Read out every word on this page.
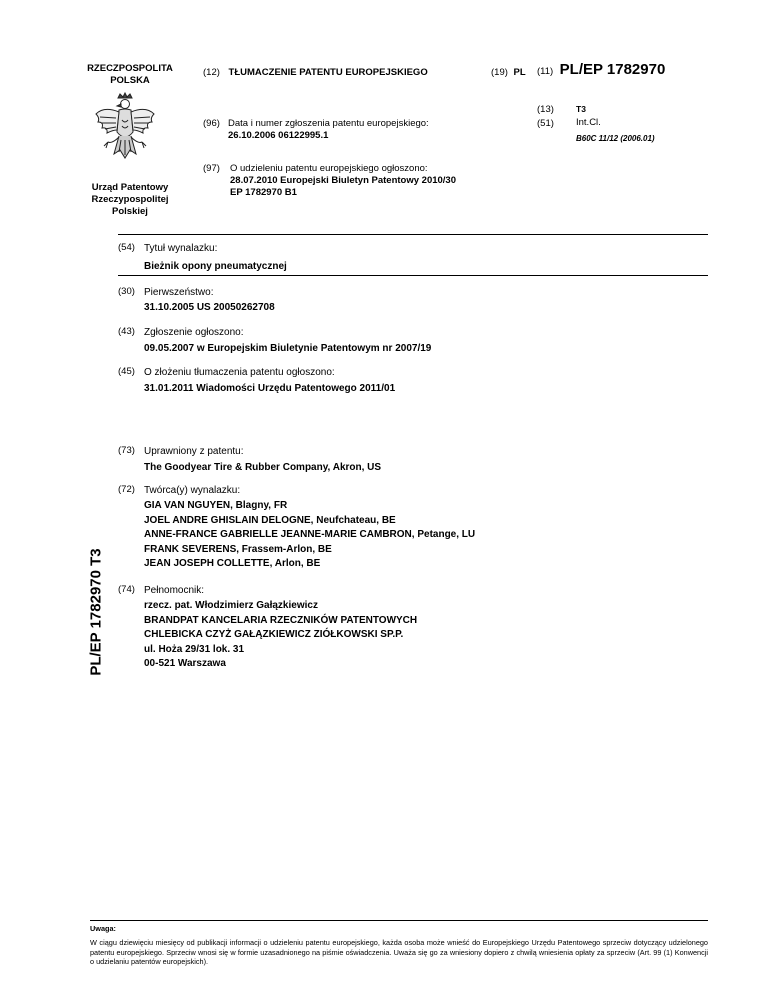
RZECZPOSPOLITA
POLSKA
Urząd Patentowy
Rzeczypospolitej
Polskiej
(12) TŁUMACZENIE PATENTU EUROPEJSKIEGO
(96) Data i numer zgłoszenia patentu europejskiego:
26.10.2006 06122995.1
(97) O udzieleniu patentu europejskiego ogłoszono:
28.07.2010 Europejski Biuletyn Patentowy 2010/30
EP 1782970 B1
(19) PL (11) PL/EP 1782970
(13)	T3
(51) Int.Cl.
B60C 11/12 (2006.01)
PL/EP 1782970 T3
(54) Tytuł wynalazku:
Bieżnik opony pneumatycznej
(30) Pierwszeństwo:
31.10.2005 US 20050262708
(43) Zgłoszenie ogłoszono:
09.05.2007 w Europejskim Biuletynie Patentowym nr 2007/19
(45) O złożeniu tłumaczenia patentu ogłoszono:
31.01.2011 Wiadomości Urzędu Patentowego 2011/01
(73) Uprawniony z patentu:
The Goodyear Tire & Rubber Company, Akron, US
(72) Twórca(y) wynalazku:
GIA VAN NGUYEN, Blagny, FR
JOEL ANDRE GHISLAIN DELOGNE, Neufchateau, BE
ANNE-FRANCE GABRIELLE JEANNE-MARIE CAMBRON, Petange, LU
FRANK SEVERENS, Frassem-Arlon, BE
JEAN JOSEPH COLLETTE, Arlon, BE
(74) Pełnomocnik:
rzecz. pat. Włodzimierz Gałązkiewicz
BRANDPAT KANCELARIA RZECZNIKÓW PATENTOWYCH
CHLEBICKA CZYŻ GAŁĄZKIEWICZ ZIÓŁKOWSKI SP.P.
ul. Hoża 29/31 lok. 31
00-521 Warszawa
Uwaga:
W ciągu dziewięciu miesięcy od publikacji informacji o udzieleniu patentu europejskiego, każda osoba może wnieść do Europejskiego Urzędu Patentowego sprzeciw dotyczący udzielonego patentu europejskiego. Sprzeciw wnosi się w formie uzasadnionego na piśmie oświadczenia. Uważa się go za wniesiony dopiero z chwilą wniesienia opłaty za sprzeciw (Art. 99 (1) Konwencji o udzielaniu patentów europejskich).
